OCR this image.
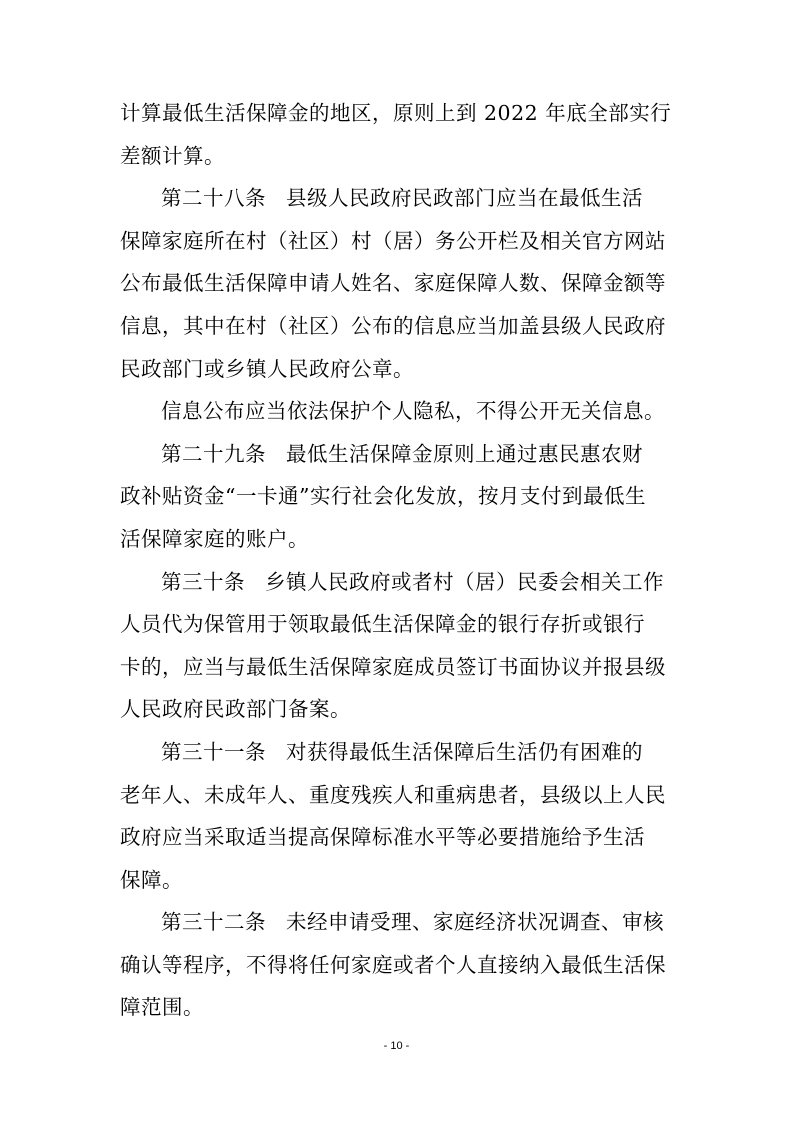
计算最低生活保障金的地区，原则上到 2022 年底全部实行
差额计算。
第二十八条 县级人民政府民政部门应当在最低生活
保障家庭所在村（社区）村（居）务公开栏及相关官方网站
公布最低生活保障申请人姓名、家庭保障人数、保障金额等
信息，其中在村（社区）公布的信息应当加盖县级人民政府
民政部门或乡镇人民政府公章。
信息公布应当依法保护个人隐私，不得公开无关信息。
第二十九条 最低生活保障金原则上通过惠民惠农财
政补贴资金“一卡通”实行社会化发放，按月支付到最低生
活保障家庭的账户。
第三十条 乡镇人民政府或者村（居）民委会相关工作
人员代为保管用于领取最低生活保障金的银行存折或银行
卡的，应当与最低生活保障家庭成员签订书面协议并报县级
人民政府民政部门备案。
第三十一条 对获得最低生活保障后生活仍有困难的
老年人、未成年人、重度残疾人和重病患者，县级以上人民
政府应当采取适当提高保障标准水平等必要措施给予生活
保障。
第三十二条 未经申请受理、家庭经济状况调查、审核
确认等程序，不得将任何家庭或者个人直接纳入最低生活保
障范围。
- 10 -
